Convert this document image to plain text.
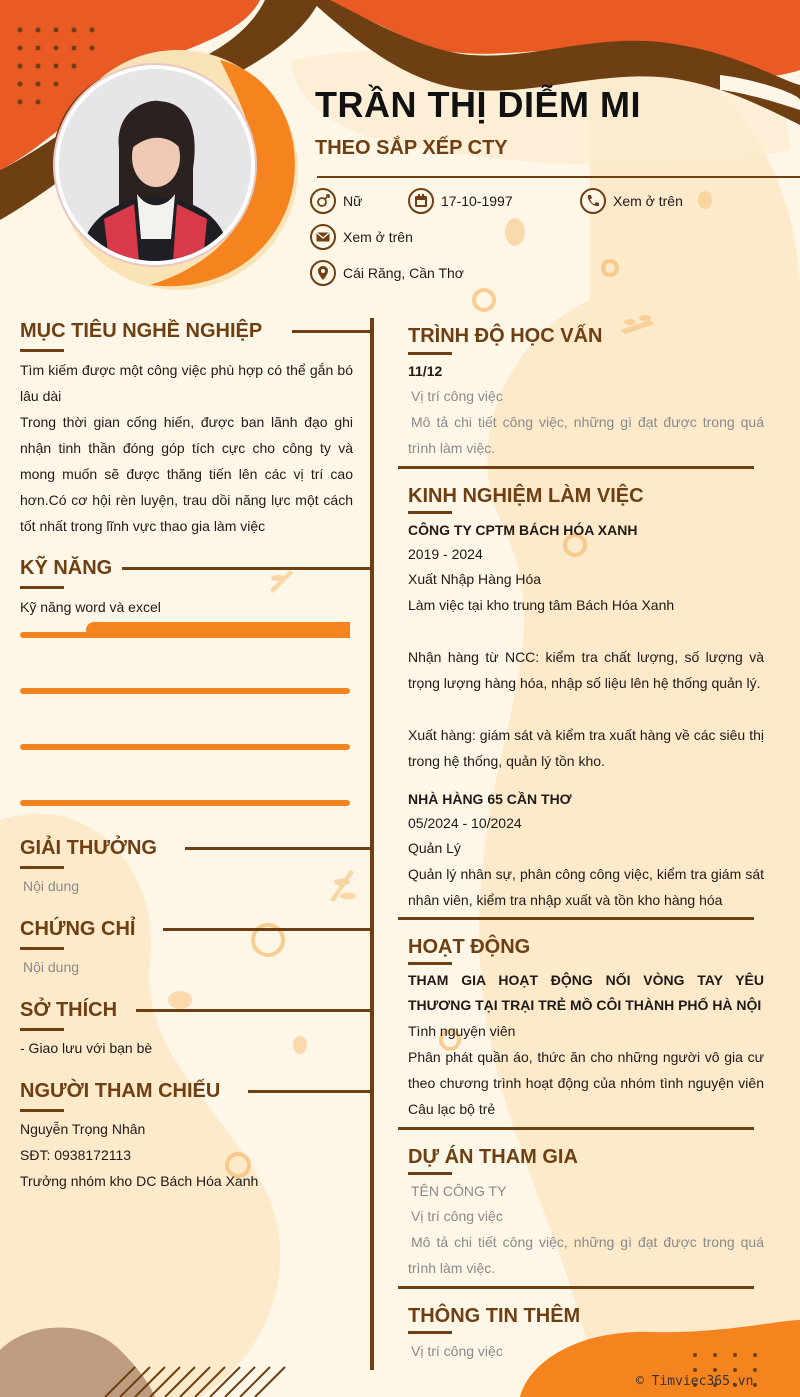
TRẦN THỊ DIỄM MI
THEO SẮP XẾP CTY
Nữ	17-10-1997	Xem ở trên
Xem ở trên
Cái Răng, Cần Thơ
MỤC TIÊU NGHỀ NGHIỆP
Tìm kiếm được một công việc phù hợp có thể gắn bó lâu dài
Trong thời gian cống hiến, được ban lãnh đạo ghi nhận tinh thần đóng góp tích cực cho công ty và mong muốn sẽ được thăng tiến lên các vị trí cao hơn.Có cơ hội rèn luyện, trau dồi năng lực một cách tốt nhất trong lĩnh vực thao gia làm việc
KỸ NĂNG
Kỹ năng word và excel
GIẢI THƯỞNG
Nội dung
CHỨNG CHỈ
Nội dung
SỞ THÍCH
- Giao lưu với bạn bè
NGƯỜI THAM CHIẾU
Nguyễn Trọng Nhân
SĐT: 0938172113
Trưởng nhóm kho DC Bách Hóa Xanh
TRÌNH ĐỘ HỌC VẤN
11/12
Vị trí công việc
Mô tả chi tiết công việc, những gì đạt được trong quá trình làm việc.
KINH NGHIỆM LÀM VIỆC
CÔNG TY CPTM BÁCH HÓA XANH
2019 - 2024
Xuất Nhập Hàng Hóa
Làm việc tại kho trung tâm Bách Hóa Xanh

Nhận hàng từ NCC: kiểm tra chất lượng, số lượng và trọng lượng hàng hóa, nhập số liệu lên hệ thống quản lý.

Xuất hàng: giám sát và kiểm tra xuất hàng về các siêu thị trong hệ thống, quản lý tồn kho.
NHÀ HÀNG 65 CẦN THƠ
05/2024 - 10/2024
Quản Lý
Quản lý nhân sự, phân công công việc, kiểm tra giám sát nhân viên, kiểm tra nhập xuất và tồn kho hàng hóa
HOẠT ĐỘNG
THAM GIA HOẠT ĐỘNG NỐI VÒNG TAY YÊU THƯƠNG TẠI TRẠI TRẺ MỒ CÔI THÀNH PHỐ HÀ NỘI
Tình nguyện viên
Phân phát quần áo, thức ăn cho những người vô gia cư theo chương trình hoạt động của nhóm tình nguyện viên Câu lạc bộ trẻ
DỰ ÁN THAM GIA
TÊN CÔNG TY
Vị trí công việc
Mô tả chi tiết công việc, những gì đạt được trong quá trình làm việc.
THÔNG TIN THÊM
Vị trí công việc
© Timviec365.vn
